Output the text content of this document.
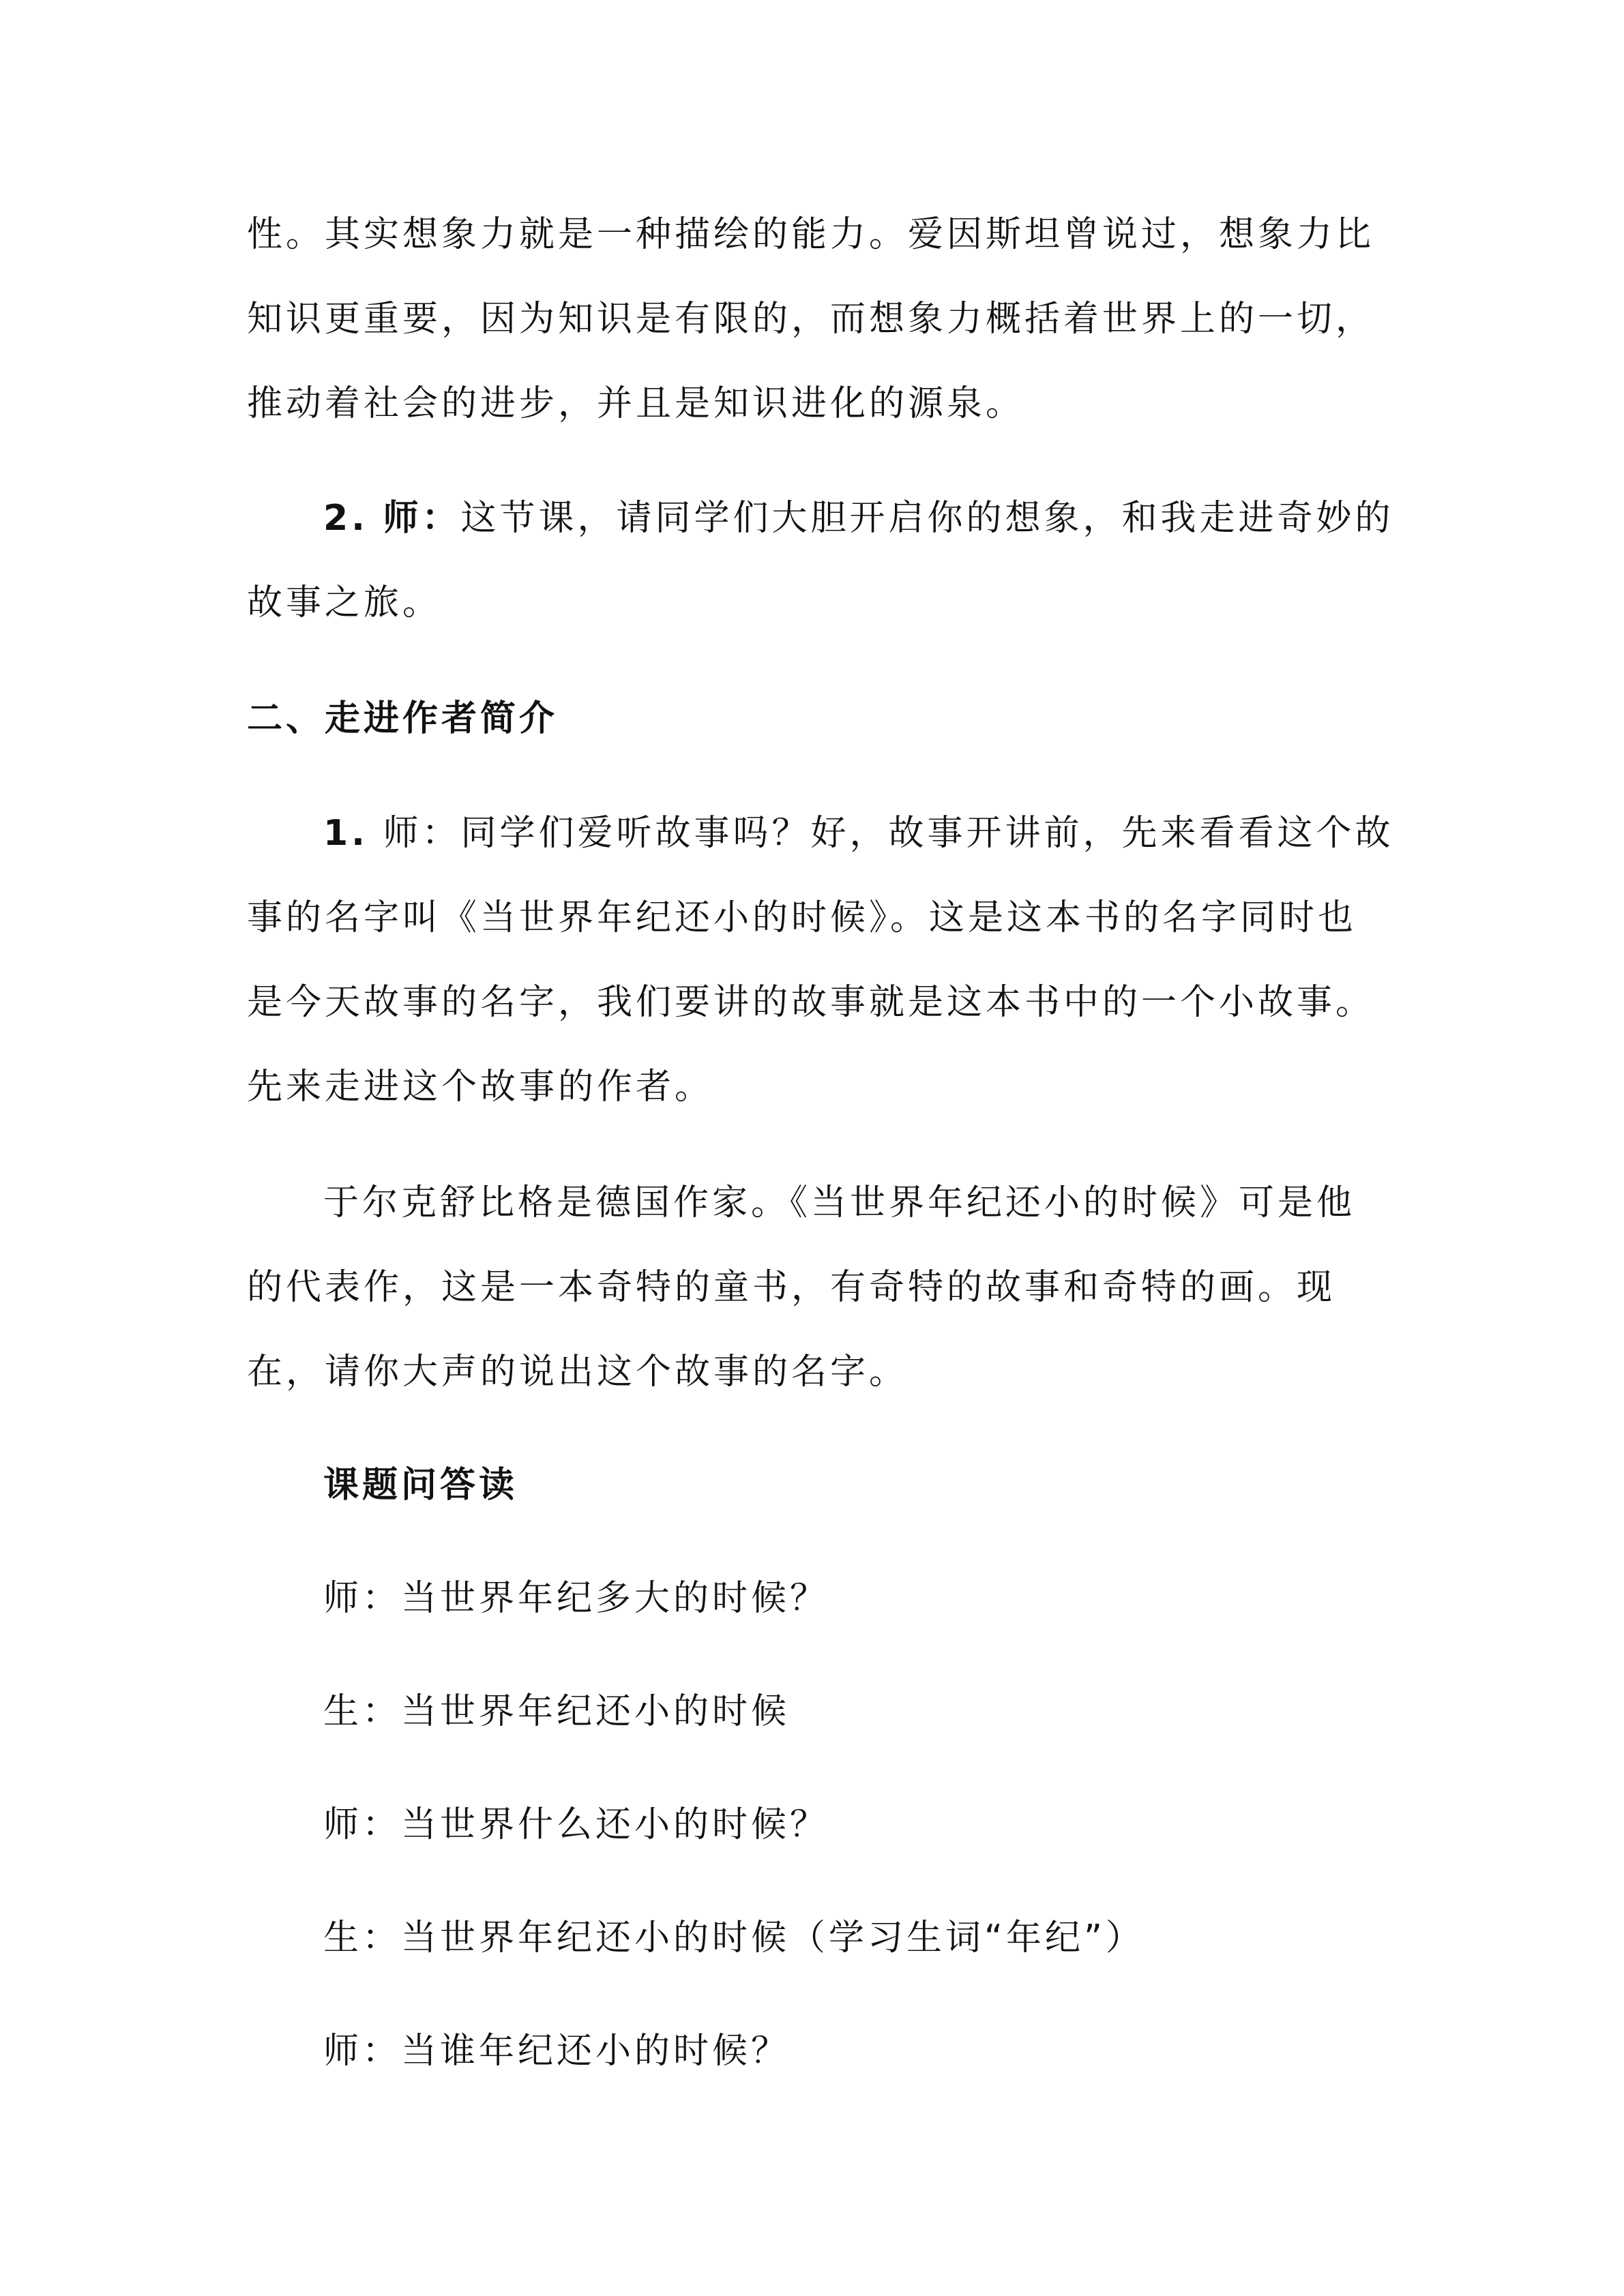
性。其实想象力就是一种描绘的能力。爱因斯坦曾说过，想象力比
知识更重要，因为知识是有限的，而想象力概括着世界上的一切，
推动着社会的进步，并且是知识进化的源泉。
2. 师：这节课，请同学们大胆开启你的想象，和我走进奇妙的
故事之旅。
二、走进作者简介
1. 师：同学们爱听故事吗？好，故事开讲前，先来看看这个故
事的名字叫《当世界年纪还小的时候》。这是这本书的名字同时也
是今天故事的名字，我们要讲的故事就是这本书中的一个小故事。
先来走进这个故事的作者。
于尔克舒比格是德国作家。《当世界年纪还小的时候》可是他
的代表作，这是一本奇特的童书，有奇特的故事和奇特的画。现
在，请你大声的说出这个故事的名字。
课题问答读
师：当世界年纪多大的时候？
生：当世界年纪还小的时候
师：当世界什么还小的时候？
生：当世界年纪还小的时候（学习生词“年纪”）
师：当谁年纪还小的时候？
